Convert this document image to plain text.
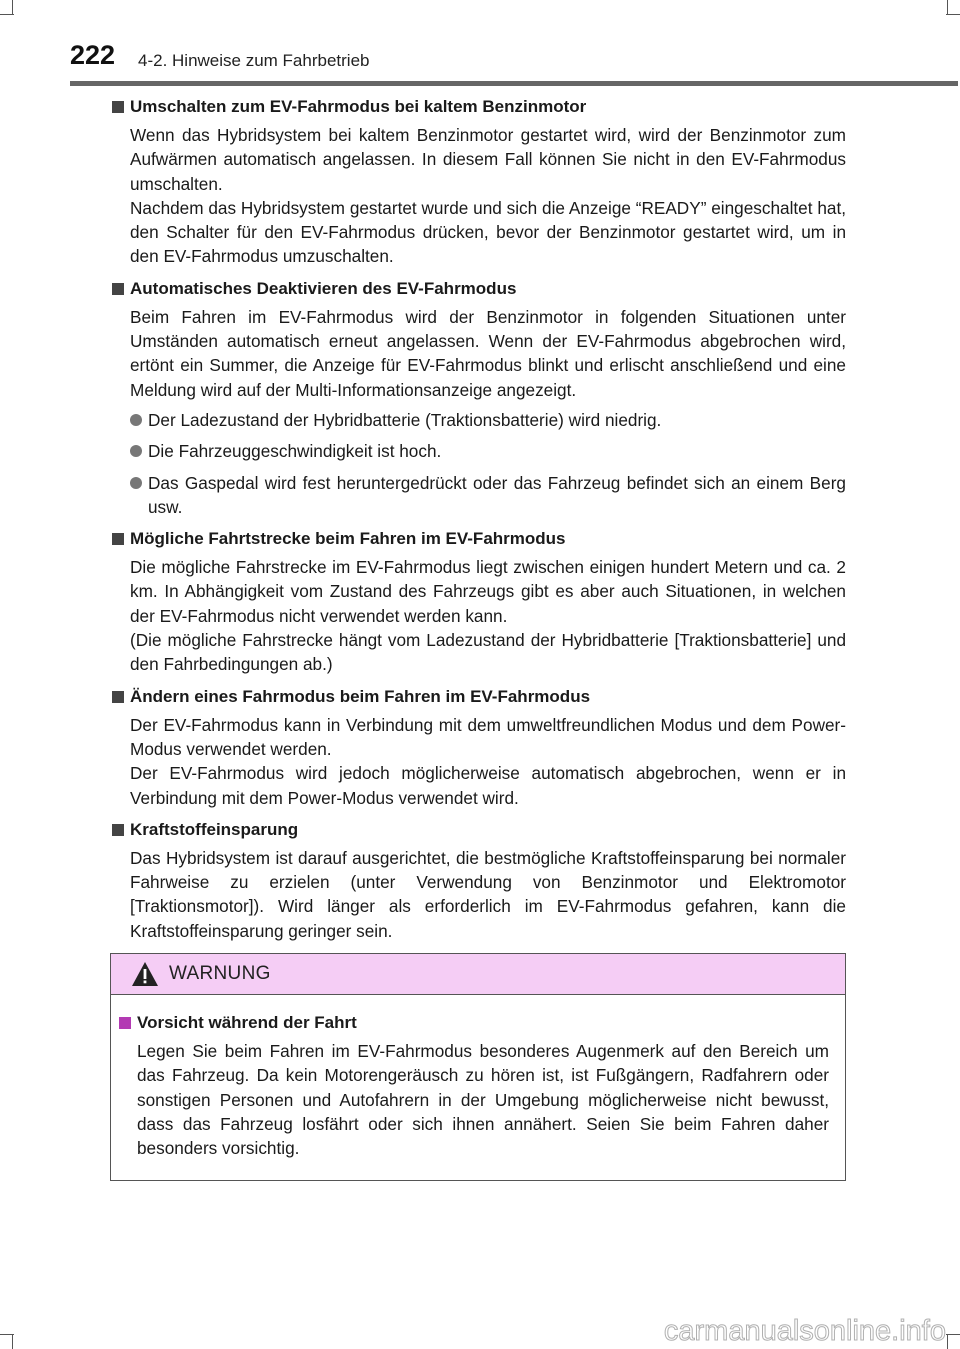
222 4-2. Hinweise zum Fahrbetrieb
Umschalten zum EV-Fahrmodus bei kaltem Benzinmotor

Wenn das Hybridsystem bei kaltem Benzinmotor gestartet wird, wird der Benzinmotor zum Aufwärmen automatisch angelassen. In diesem Fall können Sie nicht in den EV-Fahrmodus umschalten.

Nachdem das Hybridsystem gestartet wurde und sich die Anzeige “READY” eingeschaltet hat, den Schalter für den EV-Fahrmodus drücken, bevor der Benzinmotor gestartet wird, um in den EV-Fahrmodus umzuschalten.

Automatisches Deaktivieren des EV-Fahrmodus

Beim Fahren im EV-Fahrmodus wird der Benzinmotor in folgenden Situationen unter Umständen automatisch erneut angelassen. Wenn der EV-Fahrmodus abgebrochen wird, ertönt ein Summer, die Anzeige für EV-Fahrmodus blinkt und erlischt anschließend und eine Meldung wird auf der Multi-Informationsanzeige angezeigt.

Der Ladezustand der Hybridbatterie (Traktionsbatterie) wird niedrig.
Die Fahrzeuggeschwindigkeit ist hoch.
Das Gaspedal wird fest heruntergedrückt oder das Fahrzeug befindet sich an einem Berg usw.
Mögliche Fahrtstrecke beim Fahren im EV-Fahrmodus

Die mögliche Fahrstrecke im EV-Fahrmodus liegt zwischen einigen hundert Metern und ca. 2 km. In Abhängigkeit vom Zustand des Fahrzeugs gibt es aber auch Situationen, in welchen der EV-Fahrmodus nicht verwendet werden kann.

(Die mögliche Fahrstrecke hängt vom Ladezustand der Hybridbatterie [Traktionsbatterie] und den Fahrbedingungen ab.)

Ändern eines Fahrmodus beim Fahren im EV-Fahrmodus

Der EV-Fahrmodus kann in Verbindung mit dem umweltfreundlichen Modus und dem Power-Modus verwendet werden.

Der EV-Fahrmodus wird jedoch möglicherweise automatisch abgebrochen, wenn er in Verbindung mit dem Power-Modus verwendet wird.

Kraftstoffeinsparung

Das Hybridsystem ist darauf ausgerichtet, die bestmögliche Kraftstoffeinsparung bei normaler Fahrweise zu erzielen (unter Verwendung von Benzinmotor und Elektromotor [Traktionsmotor]). Wird länger als erforderlich im EV-Fahrmodus gefahren, kann die Kraftstoffeinsparung geringer sein.

WARNUNG
Vorsicht während der Fahrt

Legen Sie beim Fahren im EV-Fahrmodus besonderes Augenmerk auf den Bereich um das Fahrzeug. Da kein Motorengeräusch zu hören ist, ist Fußgängern, Radfahrern oder sonstigen Personen und Autofahrern in der Umgebung möglicherweise nicht bewusst, dass das Fahrzeug losfährt oder sich ihnen annähert. Seien Sie beim Fahren daher besonders vorsichtig.

carmanualsonline.info
